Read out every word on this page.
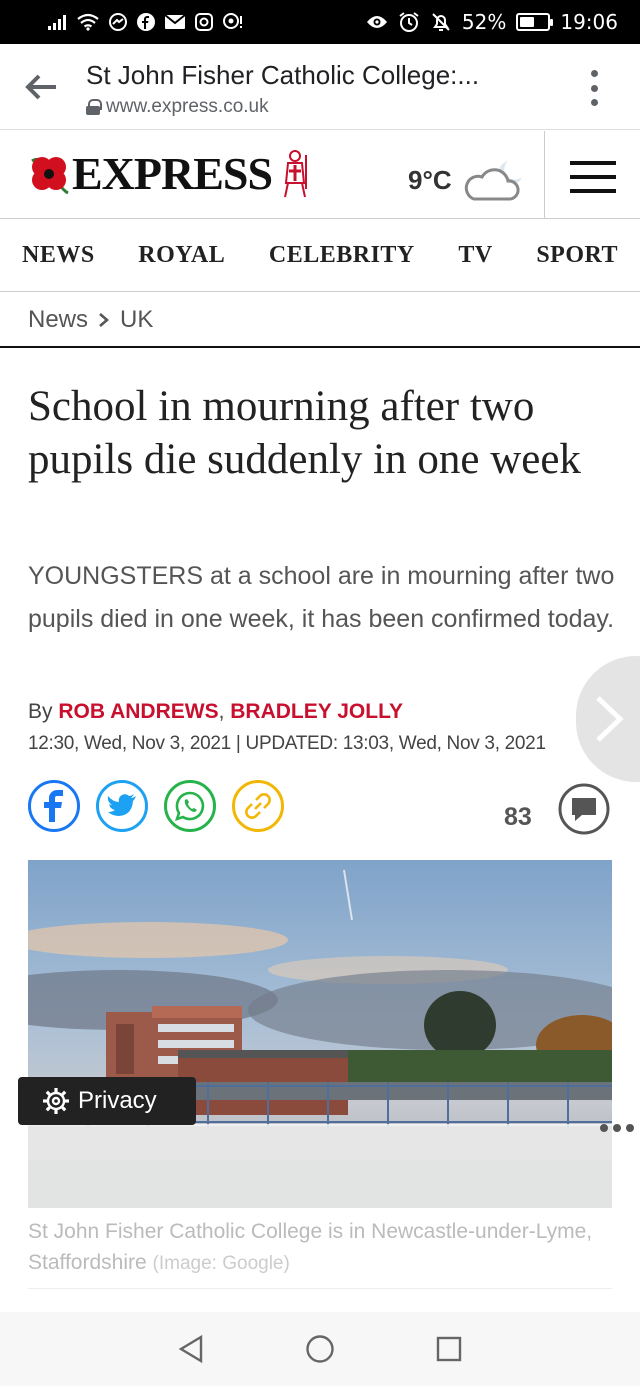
52%	19:06
St John Fisher Catholic College:...
www.express.co.uk
EXPRESS	9°C
NEWS ROYAL CELEBRITY TV SPORT
News UK
School in mourning after two pupils die suddenly in one week

YOUNGSTERS at a school are in mourning after two pupils died in one week, it has been confirmed today.

By ROB ANDREWS, BRADLEY JOLLY
12:30, Wed, Nov 3, 2021 | UPDATED: 13:03, Wed, Nov 3, 2021
83
Privacy
St John Fisher Catholic College is in Newcastle-under-Lyme, Staffordshire (Image: Google)
